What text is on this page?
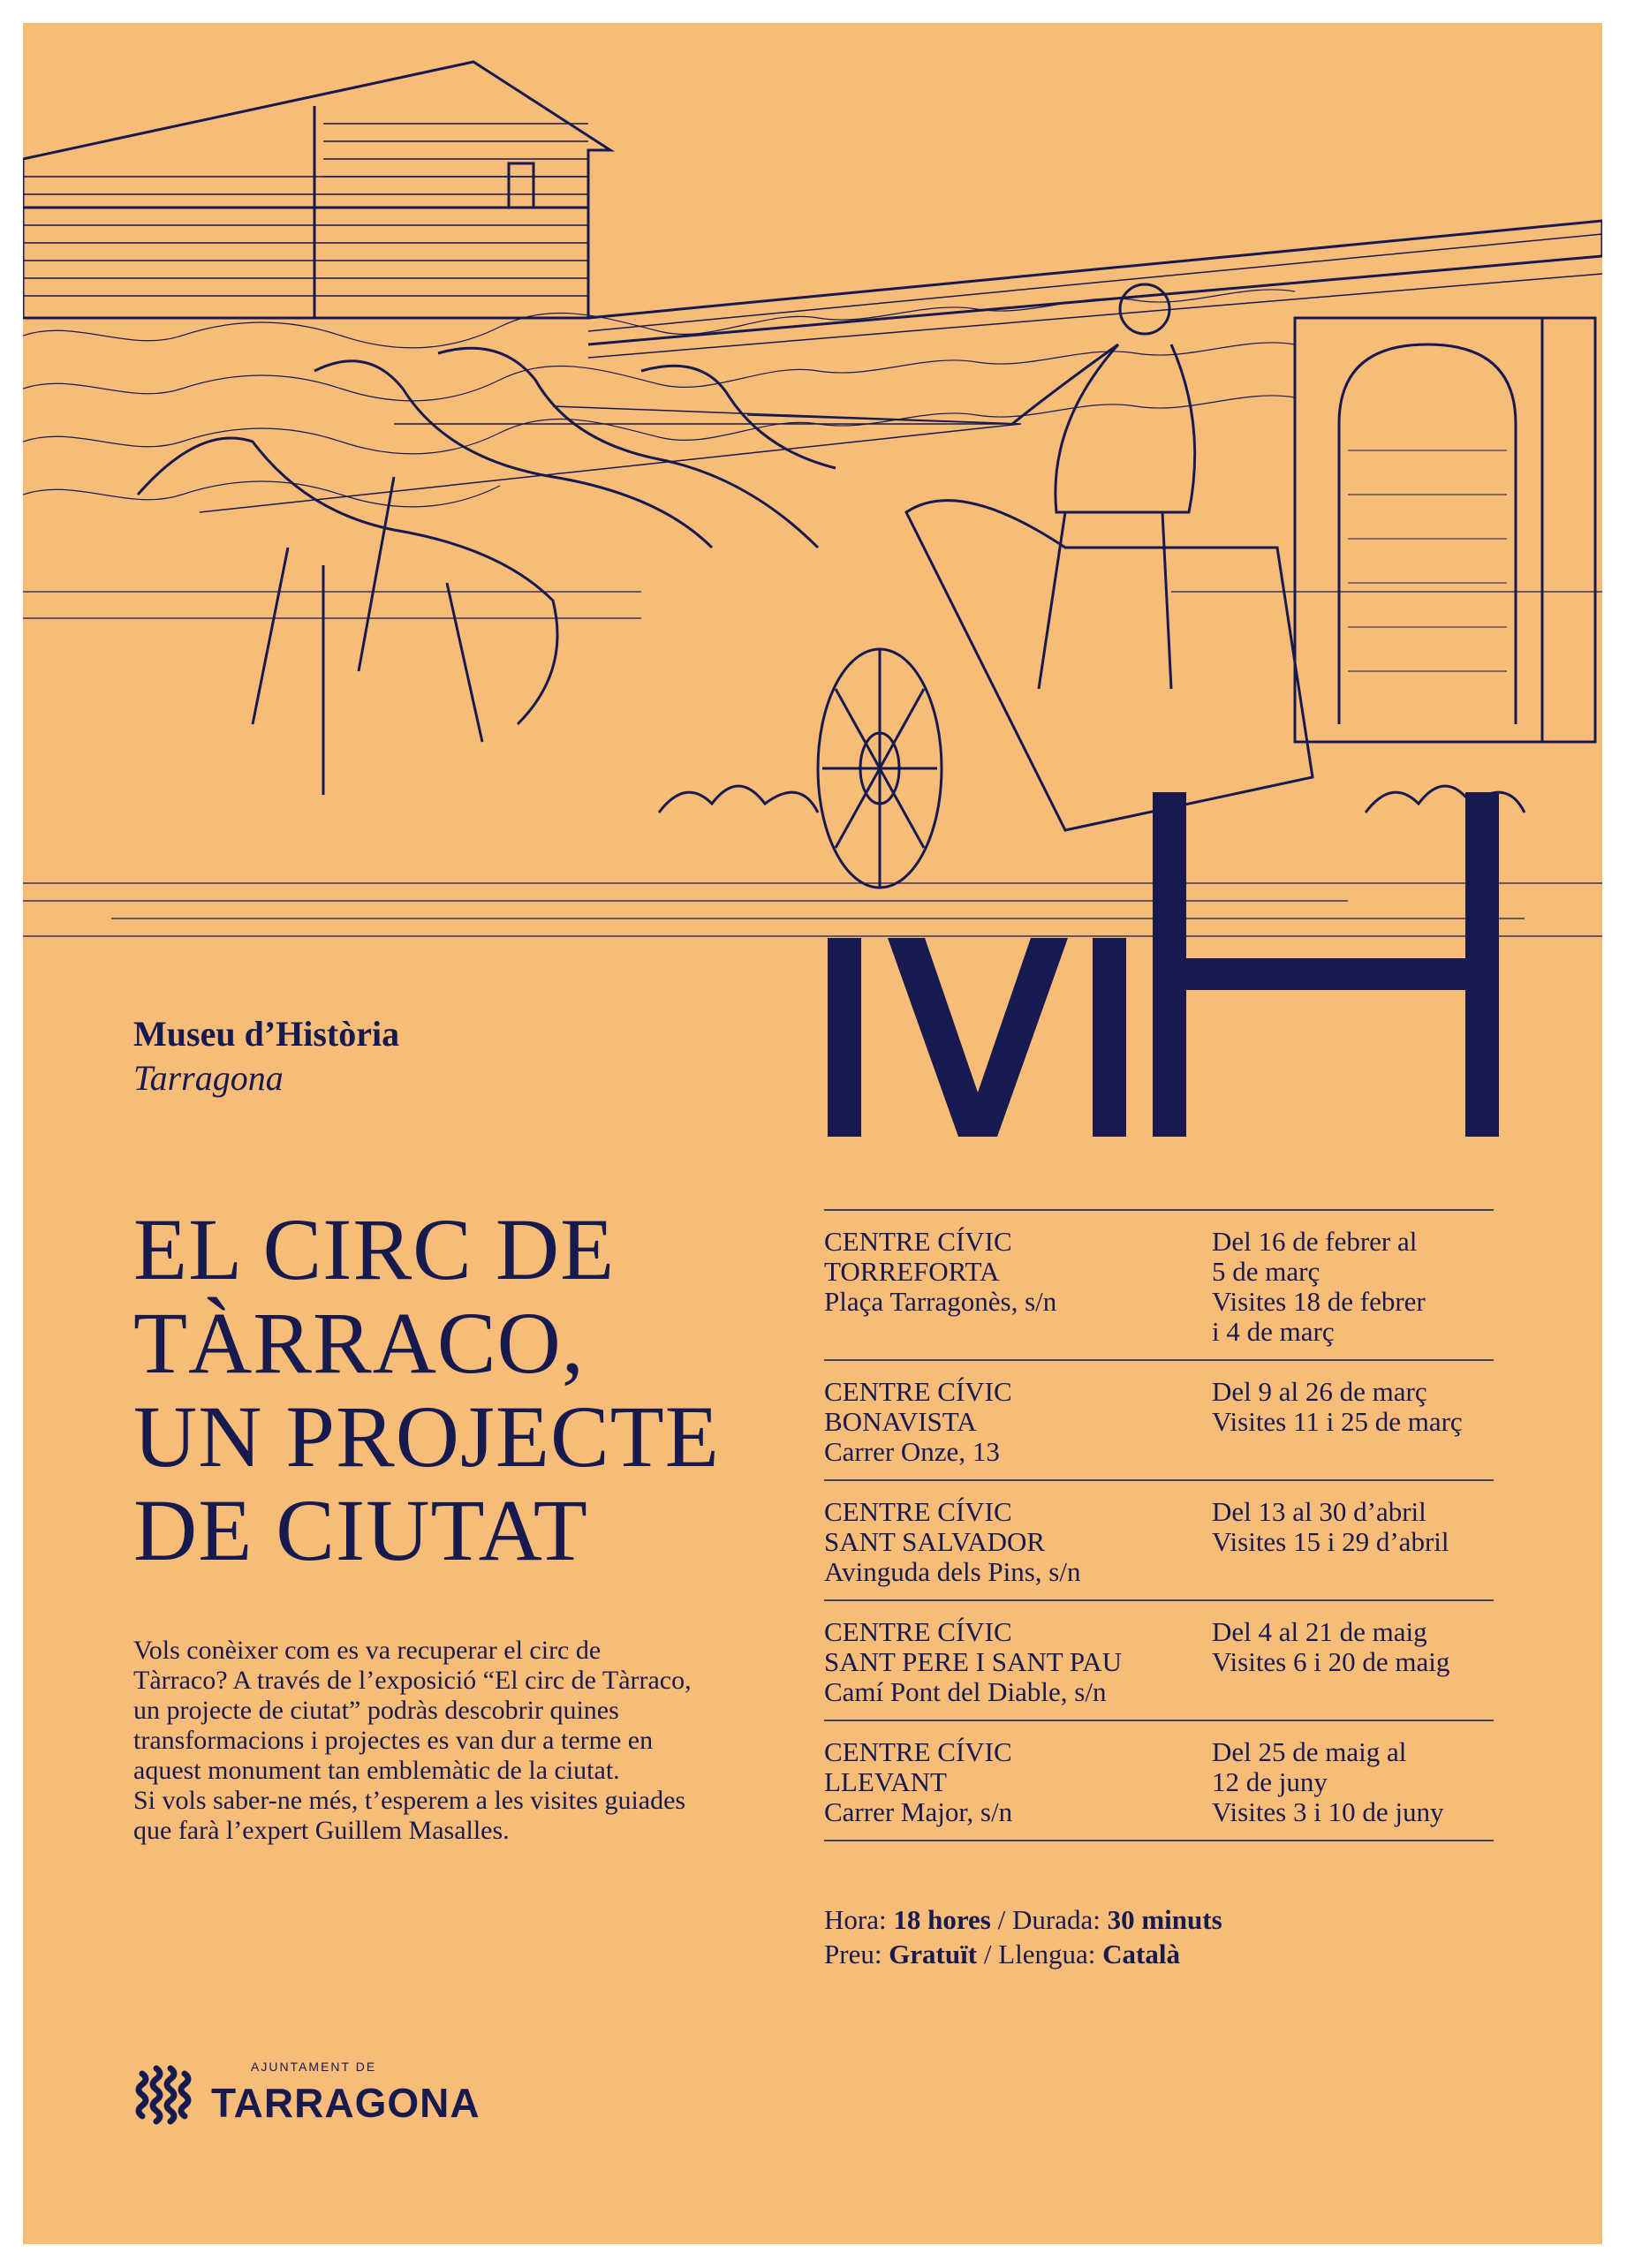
Museu d’Història
Tarragona
EL CIRC DE
TÀRRACO,
UN PROJECTE
DE CIUTAT
Vols conèixer com es va recuperar el circ de
Tàrraco? A través de l’exposició “El circ de Tàrraco,
un projecte de ciutat” podràs descobrir quines
transformacions i projectes es van dur a terme en
aquest monument tan emblemàtic de la ciutat.
Si vols saber-ne més, t’esperem a les visites guiades
que farà l’expert Guillem Masalles.
CENTRE CÍVIC
TORREFORTA
Plaça Tarragonès, s/n
Del 16 de febrer al
5 de març
Visites 18 de febrer
i 4 de març
CENTRE CÍVIC
BONAVISTA
Carrer Onze, 13
Del 9 al 26 de març
Visites 11 i 25 de març
CENTRE CÍVIC
SANT SALVADOR
Avinguda dels Pins, s/n
Del 13 al 30 d’abril
Visites 15 i 29 d’abril
CENTRE CÍVIC
SANT PERE I SANT PAU
Camí Pont del Diable, s/n
Del 4 al 21 de maig
Visites 6 i 20 de maig
CENTRE CÍVIC
LLEVANT
Carrer Major, s/n
Del 25 de maig al
12 de juny
Visites 3 i 10 de juny
Hora: 18 hores / Durada: 30 minuts
Preu: Gratuït / Llengua: Català
AJUNTAMENT DE
TARRAGONA
